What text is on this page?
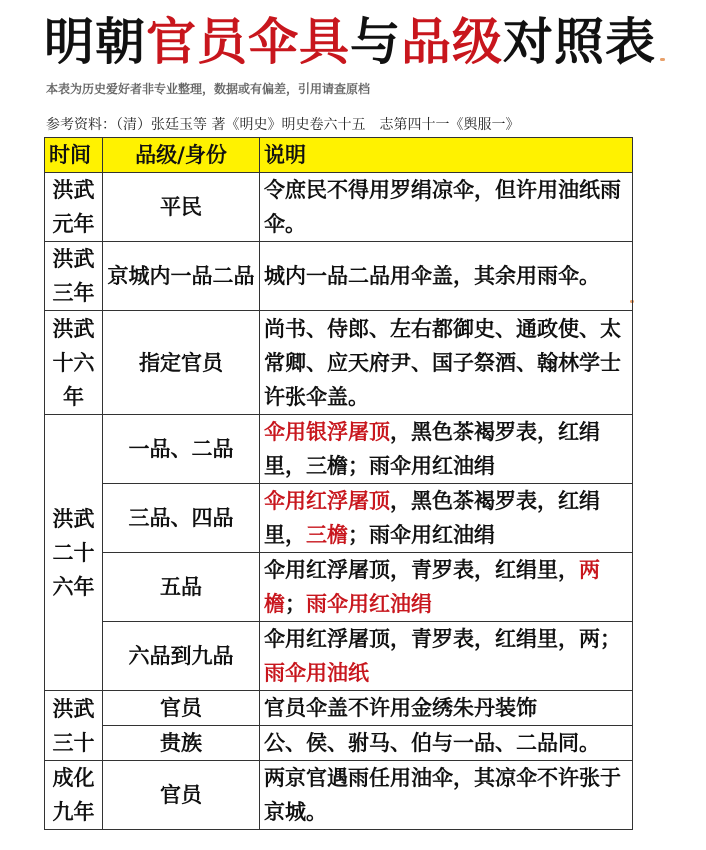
明朝官员伞具与品级对照表
本表为历史爱好者非专业整理，数据或有偏差，引用请查原档
参考资料：（清）张廷玉等 著《明史》明史卷六十五　志第四十一《舆服一》
时间	品级/身份	说明
洪武元年	平民	令庶民不得用罗绢凉伞，但许用油纸雨伞。
洪武三年	京城内一品二品	城内一品二品用伞盖，其余用雨伞。
洪武十六年	指定官员	尚书、侍郎、左右都御史、通政使、太常卿、应天府尹、国子祭酒、翰林学士许张伞盖。
洪武二十六年	一品、二品	伞用银浮屠顶，黑色茶褐罗表，红绢里，三檐；雨伞用红油绢
	三品、四品	伞用红浮屠顶，黑色茶褐罗表，红绢里，三檐；雨伞用红油绢
	五品	伞用红浮屠顶，青罗表，红绢里，两檐；雨伞用红油绢
	六品到九品	伞用红浮屠顶，青罗表，红绢里，两；雨伞用油纸
洪武三十	官员	官员伞盖不许用金绣朱丹装饰
	贵族	公、侯、驸马、伯与一品、二品同。
成化九年	官员	两京官遇雨任用油伞，其凉伞不许张于京城。
